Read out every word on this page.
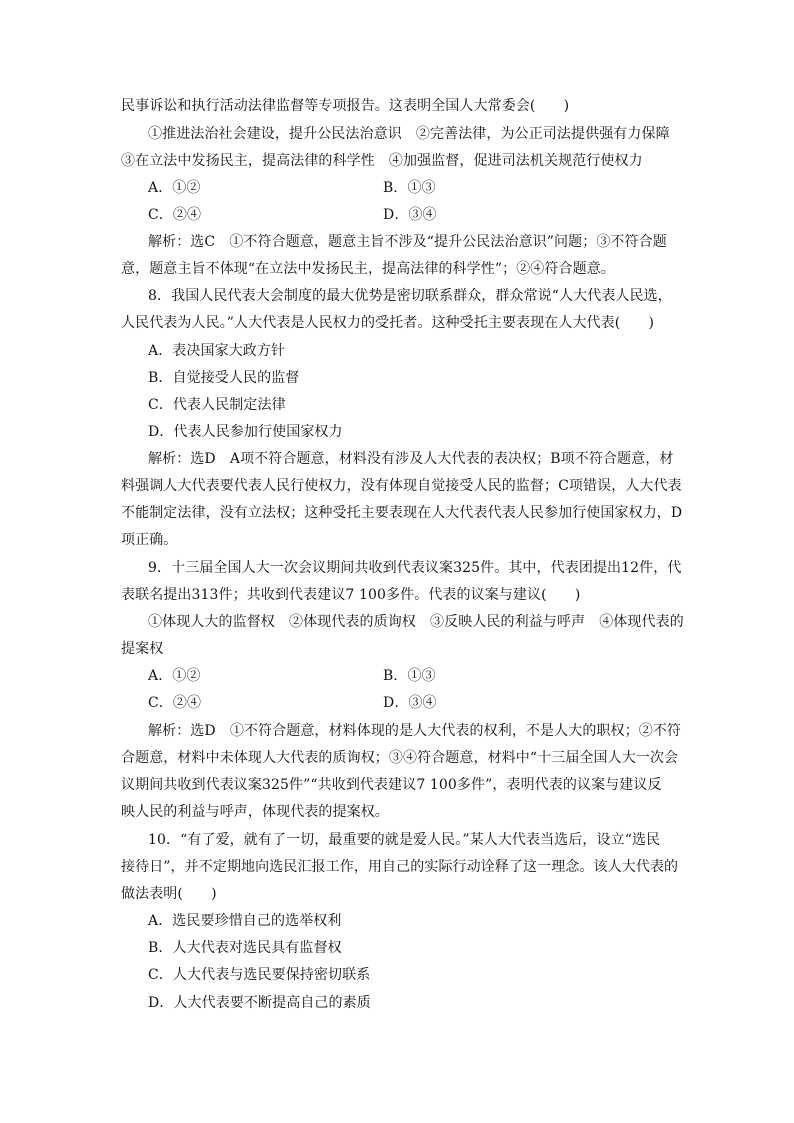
民事诉讼和执行活动法律监督等专项报告。这表明全国人大常委会(　　)
①推进法治社会建设，提升公民法治意识　②完善法律，为公正司法提供强有力保障
③在立法中发扬民主，提高法律的科学性　④加强监督，促进司法机关规范行使权力
A．①②	B．①③
C．②④	D．③④
解析：选C　①不符合题意，题意主旨不涉及“提升公民法治意识”问题；③不符合题
意，题意主旨不体现“在立法中发扬民主，提高法律的科学性”；②④符合题意。
8．我国人民代表大会制度的最大优势是密切联系群众，群众常说“人大代表人民选，
人民代表为人民。”人大代表是人民权力的受托者。这种受托主要表现在人大代表(　　)
A．表决国家大政方针
B．自觉接受人民的监督
C．代表人民制定法律
D．代表人民参加行使国家权力
解析：选D　A项不符合题意，材料没有涉及人大代表的表决权；B项不符合题意，材
料强调人大代表要代表人民行使权力，没有体现自觉接受人民的监督；C项错误，人大代表
不能制定法律，没有立法权；这种受托主要表现在人大代表代表人民参加行使国家权力，D
项正确。
9．十三届全国人大一次会议期间共收到代表议案325件。其中，代表团提出12件，代
表联名提出313件；共收到代表建议7 100多件。代表的议案与建议(　　)
①体现人大的监督权　②体现代表的质询权　③反映人民的利益与呼声　④体现代表的
提案权
A．①②	B．①③
C．②④	D．③④
解析：选D　①不符合题意，材料体现的是人大代表的权利，不是人大的职权；②不符
合题意，材料中未体现人大代表的质询权；③④符合题意，材料中“十三届全国人大一次会
议期间共收到代表议案325件”“共收到代表建议7 100多件”，表明代表的议案与建议反
映人民的利益与呼声，体现代表的提案权。
10．“有了爱，就有了一切，最重要的就是爱人民。”某人大代表当选后，设立“选民
接待日”，并不定期地向选民汇报工作，用自己的实际行动诠释了这一理念。该人大代表的
做法表明(　　)
A．选民要珍惜自己的选举权利
B．人大代表对选民具有监督权
C．人大代表与选民要保持密切联系
D．人大代表要不断提高自己的素质
